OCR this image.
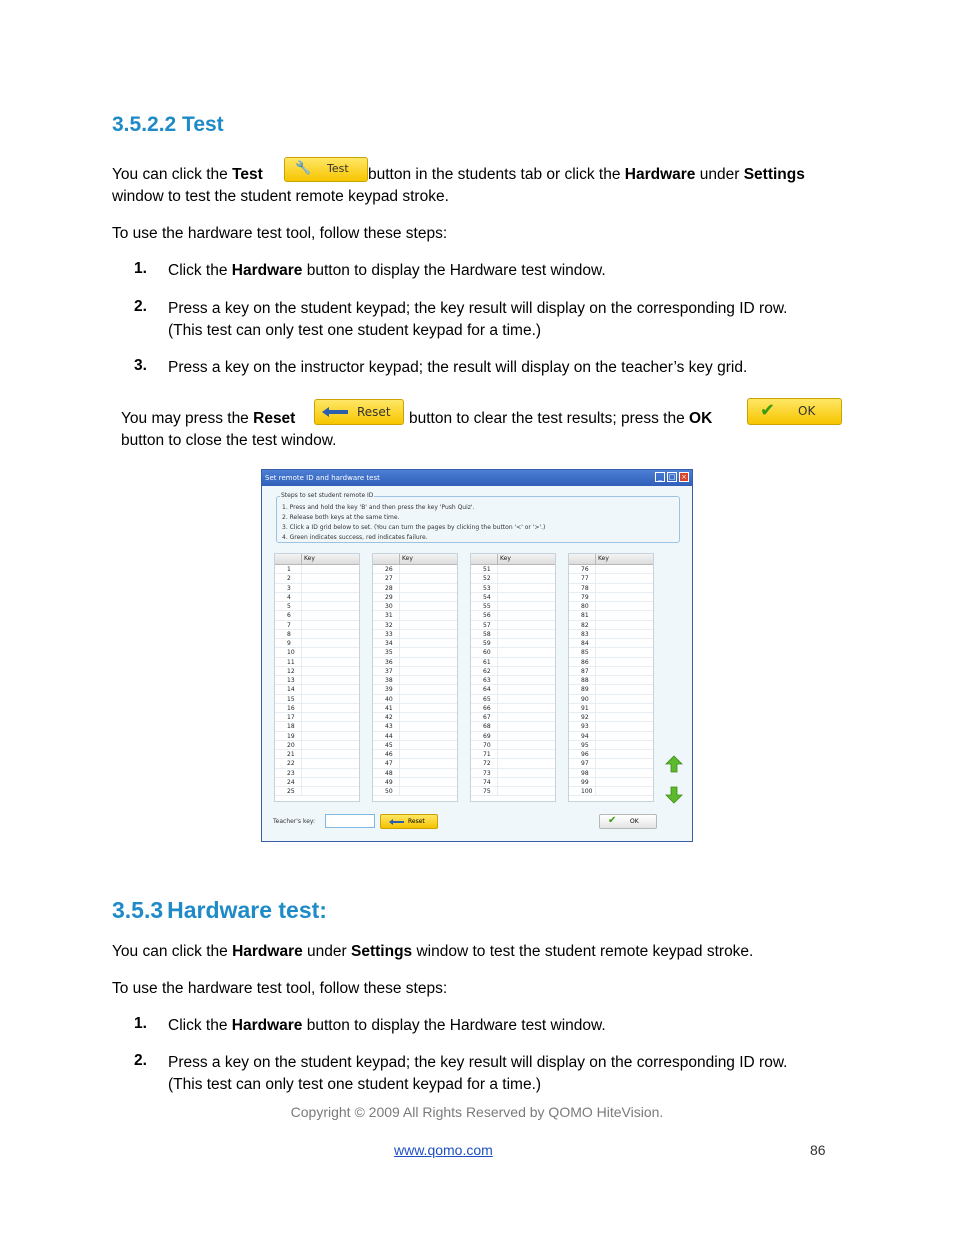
3.5.2.2 Test
You can click the Test	🔧 Test button in the students tab or click the Hardware under Settings
window to test the student remote keypad stroke.
To use the hardware test tool, follow these steps:
1. Click the Hardware button to display the Hardware test window.
2. Press a key on the student keypad; the key result will display on the corresponding ID row.
(This test can only test one student keypad for a time.)
3. Press a key on the instructor keypad; the result will display on the teacher’s key grid.
You may press the Reset	Reset button to clear the test results; press the OK	✔ OK
button to close the test window.
Set remote ID and hardware test	_ □ ×
Steps to set student remote ID
1. Press and hold the key 'B' and then press the key 'Push Quiz'.
2. Release both keys at the same time.
3. Click a ID grid below to set. (You can turn the pages by clicking the button '<' or '>'.)
4. Green indicates success, red indicates failure.
Key
1
2
3
4
5
6
7
8
9
10
11
12
13
14
15
16
17
18
19
20
21
22
23
24
25
Key
26
27
28
29
30
31
32
33
34
35
36
37
38
39
40
41
42
43
44
45
46
47
48
49
50
Key
51
52
53
54
55
56
57
58
59
60
61
62
63
64
65
66
67
68
69
70
71
72
73
74
75
Key
76
77
78
79
80
81
82
83
84
85
86
87
88
89
90
91
92
93
94
95
96
97
98
99
100
Teacher's key:	Reset	✔ OK
3.5.3 Hardware test:
You can click the Hardware under Settings window to test the student remote keypad stroke.
To use the hardware test tool, follow these steps:
1. Click the Hardware button to display the Hardware test window.
2. Press a key on the student keypad; the key result will display on the corresponding ID row.
(This test can only test one student keypad for a time.)
Copyright © 2009 All Rights Reserved by QOMO HiteVision.
www.qomo.com	86
